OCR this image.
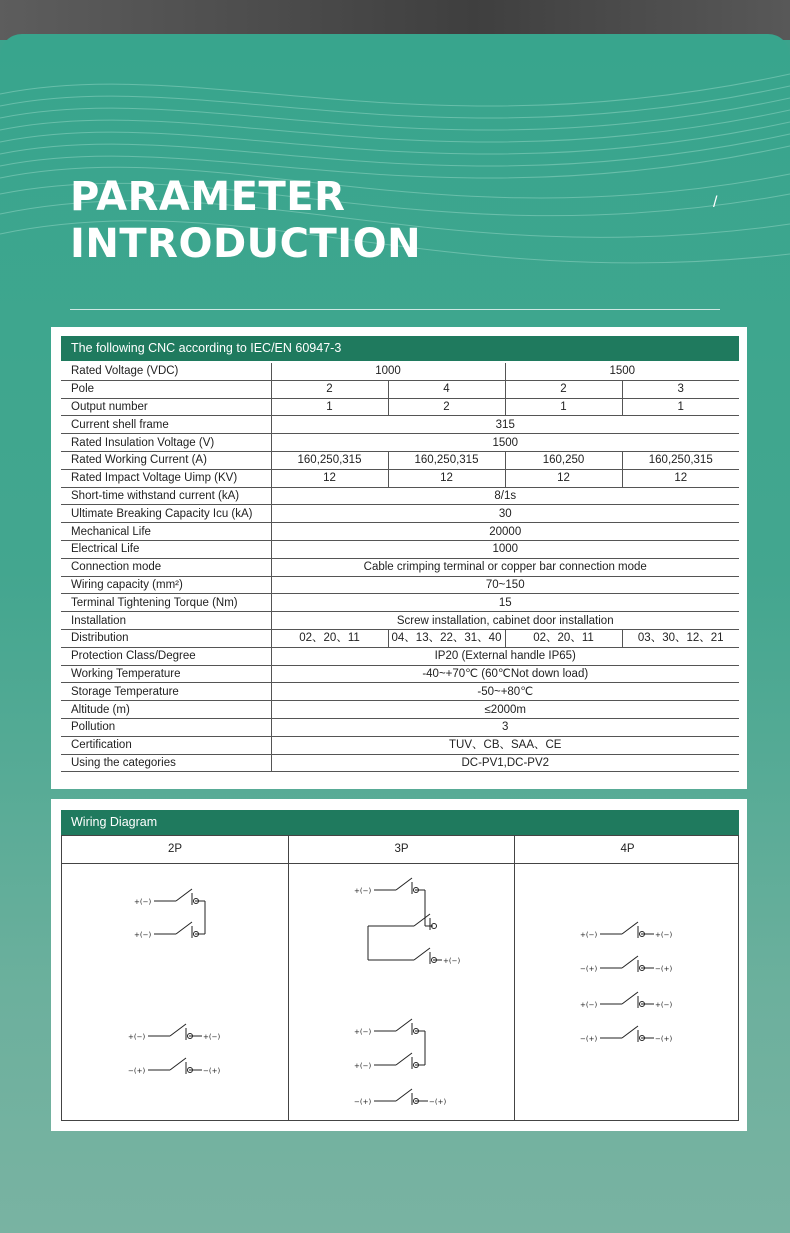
PARAMETER
INTRODUCTION
/
The following CNC according to IEC/EN 60947-3
Rated Voltage (VDC)	1000		1500	
Pole	2	4	2	3
Output number	1	2	1	1
Current shell frame	315			
Rated Insulation Voltage (V)	1500			
Rated Working Current (A)	160,250,315	160,250,315	160,250	160,250,315
Rated Impact Voltage Uimp (KV)	12	12	12	12
Short-time withstand current (kA)	8/1s			
Ultimate Breaking Capacity Icu (kA)	30			
Mechanical Life	20000			
Electrical Life	1000			
Connection mode	Cable crimping terminal or copper bar connection mode			
Wiring capacity (mm²)	70~150			
Terminal Tightening Torque (Nm)	15			
Installation	Screw installation, cabinet door installation			
Distribution	02、20、11	04、13、22、31、40	02、20、11	03、30、12、21
Protection Class/Degree	IP20 (External handle IP65)			
Working Temperature	-40~+70℃ (60℃Not down load)			
Storage Temperature	-50~+80℃			
Altitude (m)	≤2000m			
Pollution	3			
Certification	TUV、CB、SAA、CE			
Using the categories	DC-PV1,DC-PV2			
Wiring Diagram
2P	3P	4P
+(−)
+(−)
+(−)	+(−)
−(+)	−(+)
+(−)
+(−)
+(−)
+(−)
−(+)	−(+)
+(−)	+(−)
−(+)	−(+)
+(−)	+(−)
−(+)	−(+)
